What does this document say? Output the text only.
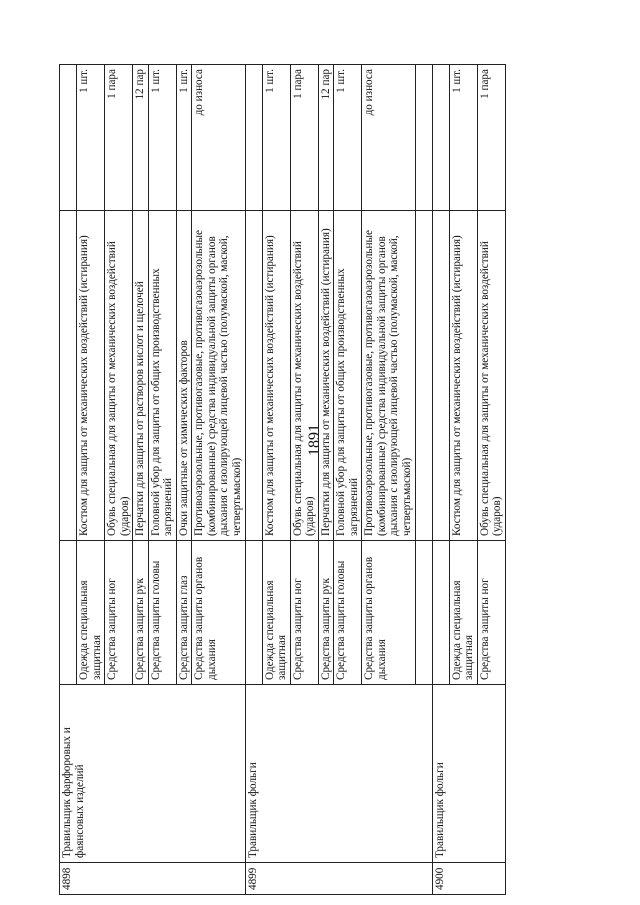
1891
4898	Травильщик фарфоровых и фаянсовых изделий			
		Одежда специальная защитная	Костюм для защиты от механических воздействий (истирания)	1 шт.
		Средства защиты ног	Обувь специальная для защиты от механических воздействий (ударов)	1 пара
		Средства защиты рук	Перчатки для защиты от растворов кислот и щелочей	12 пар
		Средства защиты головы	Головной убор для защиты от общих производственных загрязнений	1 шт.
		Средства защиты глаз	Очки защитные от химических факторов	1 шт.
		Средства защиты органов дыхания	Противоаэрозольные, противогазовые, противогазоаэрозольные (комбинированные) средства индивидуальной защиты органов дыхания с изолирующей лицевой частью (полумаской, маской, четвертьмаской)	до износа
4899	Травильщик фольги			
		Одежда специальная защитная	Костюм для защиты от механических воздействий (истирания)	1 шт.
		Средства защиты ног	Обувь специальная для защиты от механических воздействий (ударов)	1 пара
		Средства защиты рук	Перчатки для защиты от механических воздействий (истирания)	12 пар
		Средства защиты головы	Головной убор для защиты от общих производственных загрязнений	1 шт.
		Средства защиты органов дыхания	Противоаэрозольные, противогазовые, противогазоаэрозольные (комбинированные) средства индивидуальной защиты органов дыхания с изолирующей лицевой частью (полумаской, маской, четвертьмаской)	до износа

4900	Травильщик фольги			
		Одежда специальная защитная	Костюм для защиты от механических воздействий (истирания)	1 шт.
		Средства защиты ног	Обувь специальная для защиты от механических воздействий (ударов)	1 пара
